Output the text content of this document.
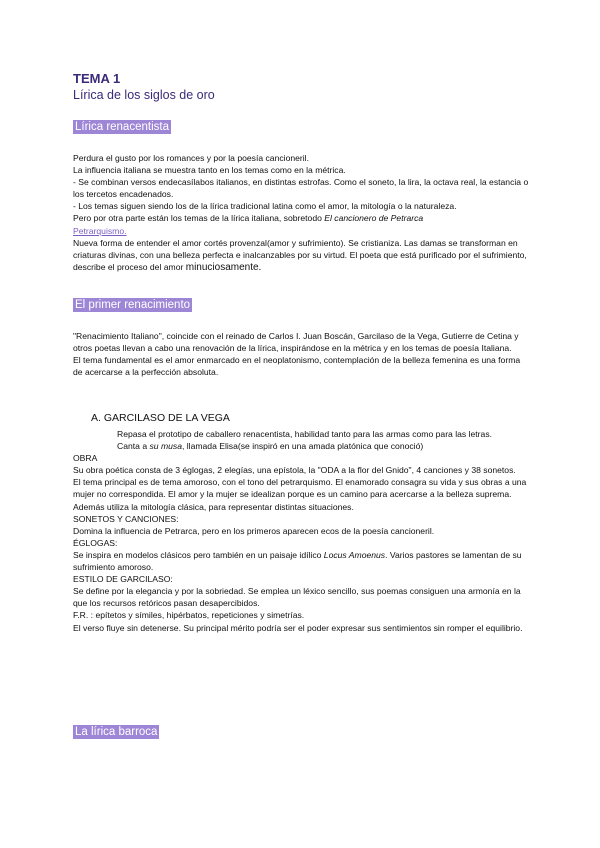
TEMA 1
Lírica de los siglos de oro
Lírica renacentista

Perdura el gusto por los romances y por la poesía cancioneril.

La influencia italiana se muestra tanto en los temas como en la métrica.

- Se combinan versos endecasílabos italianos, en distintas estrofas. Como el soneto, la lira, la octava real, la estancia o los tercetos encadenados.

- Los temas siguen siendo los de la lírica tradicional latina como el amor, la mitología o la naturaleza.

Pero por otra parte están los temas de la lírica italiana, sobretodo El cancionero de Petrarca
Petrarquismo.

Nueva forma de entender el amor cortés provenzal(amor y sufrimiento). Se cristianiza. Las damas se transforman en criaturas divinas, con una belleza perfecta e inalcanzables por su virtud. El poeta que está purificado por el sufrimiento, describe el proceso del amor minuciosamente.

El primer renacimiento

"Renacimiento Italiano", coincide con el reinado de Carlos I. Juan Boscán, Garcilaso de la Vega, Gutierre de Cetina y otros poetas llevan a cabo una renovación de la lírica, inspirándose en la métrica y en los temas de poesía Italiana.

El tema fundamental es el amor enmarcado en el neoplatonismo, contemplación de la belleza femenina es una forma de acercarse a la perfección absoluta.

A. GARCILASO DE LA VEGA

Repasa el prototipo de caballero renacentista, habilidad tanto para las armas como para las letras.

Canta a su musa, llamada Elisa(se inspiró en una amada platónica que conoció)

OBRA

Su obra poética consta de 3 églogas, 2 elegías, una epístola, la "ODA a la flor del Gnido", 4 canciones y 38 sonetos.

El tema principal es de tema amoroso, con el tono del petrarquismo. El enamorado consagra su vida y sus obras a una mujer no correspondida. El amor y la mujer se idealizan porque es un camino para acercarse a la belleza suprema.

Además utiliza la mitología clásica, para representar distintas situaciones.

SONETOS Y CANCIONES:

Domina la influencia de Petrarca, pero en los primeros aparecen ecos de la poesía cancioneril.

ÉGLOGAS:

Se inspira en modelos clásicos pero también en un paisaje idílico Locus Amoenus. Varios pastores se lamentan de su sufrimiento amoroso.

ESTILO DE GARCILASO:

Se define por la elegancia y por la sobriedad. Se emplea un léxico sencillo, sus poemas consiguen una armonía en la que los recursos retóricos pasan desapercibidos.

F.R. : epítetos y símiles, hipérbatos, repeticiones y simetrías.

El verso fluye sin detenerse. Su principal mérito podría ser el poder expresar sus sentimientos sin romper el equilibrio.

La lírica barroca
